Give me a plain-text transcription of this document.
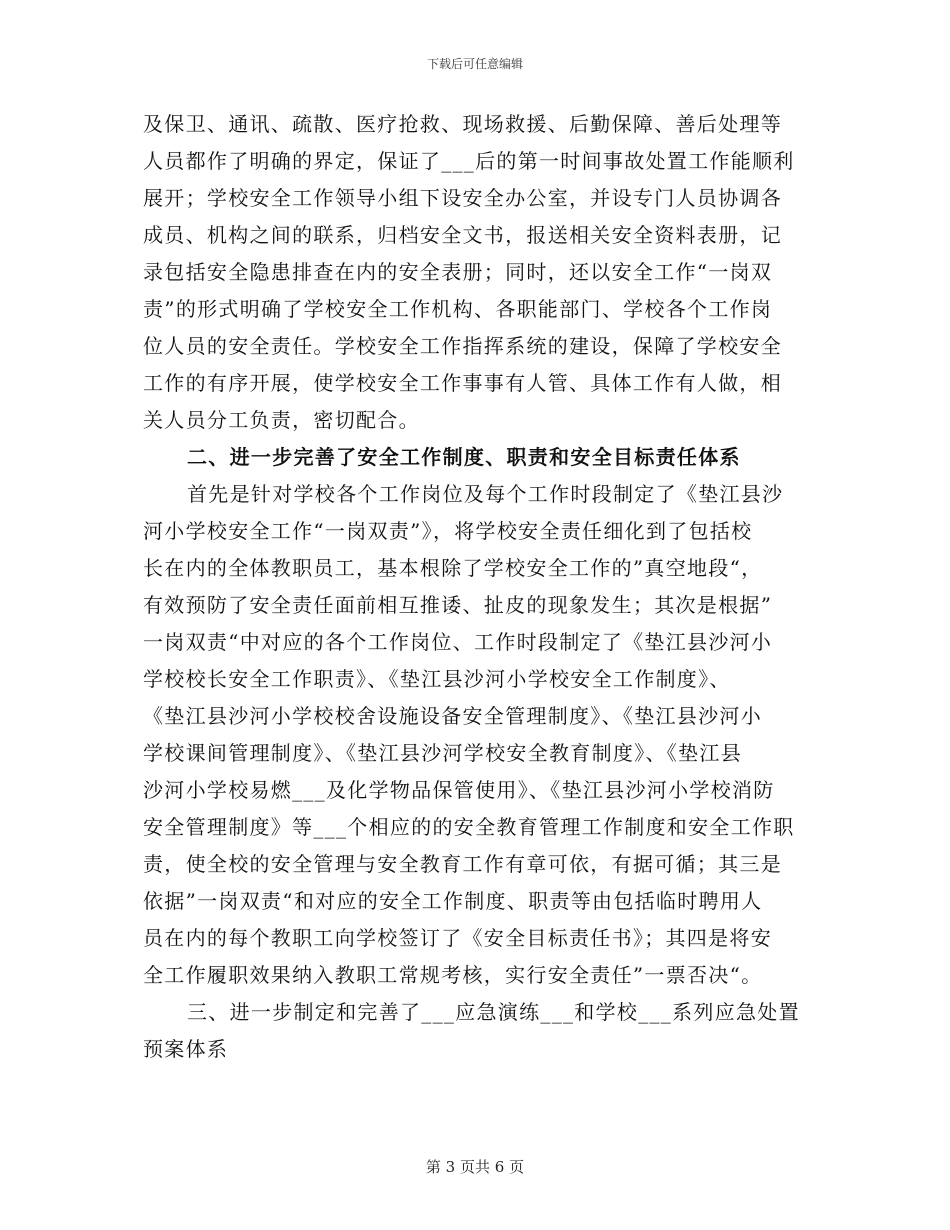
下载后可任意编辑
及保卫、通讯、疏散、医疗抢救、现场救援、后勤保障、善后处理等
人员都作了明确的界定，保证了___后的第一时间事故处置工作能顺利
展开；学校安全工作领导小组下设安全办公室，并设专门人员协调各
成员、机构之间的联系，归档安全文书，报送相关安全资料表册，记
录包括安全隐患排查在内的安全表册；同时，还以安全工作“一岗双
责”的形式明确了学校安全工作机构、各职能部门、学校各个工作岗
位人员的安全责任。学校安全工作指挥系统的建设，保障了学校安全
工作的有序开展，使学校安全工作事事有人管、具体工作有人做，相
关人员分工负责，密切配合。
二、进一步完善了安全工作制度、职责和安全目标责任体系
首先是针对学校各个工作岗位及每个工作时段制定了《垫江县沙
河小学校安全工作“一岗双责”》，将学校安全责任细化到了包括校
长在内的全体教职员工，基本根除了学校安全工作的”真空地段“，
有效预防了安全责任面前相互推诿、扯皮的现象发生；其次是根据”
一岗双责“中对应的各个工作岗位、工作时段制定了《垫江县沙河小
学校校长安全工作职责》、《垫江县沙河小学校安全工作制度》、
《垫江县沙河小学校校舍设施设备安全管理制度》、《垫江县沙河小
学校课间管理制度》、《垫江县沙河学校安全教育制度》、《垫江县
沙河小学校易燃___及化学物品保管使用》、《垫江县沙河小学校消防
安全管理制度》等___个相应的的安全教育管理工作制度和安全工作职
责，使全校的安全管理与安全教育工作有章可依，有据可循；其三是
依据”一岗双责“和对应的安全工作制度、职责等由包括临时聘用人
员在内的每个教职工向学校签订了《安全目标责任书》；其四是将安
全工作履职效果纳入教职工常规考核，实行安全责任”一票否决“。
三、进一步制定和完善了___应急演练___和学校___系列应急处置
预案体系
第 3 页共 6 页
